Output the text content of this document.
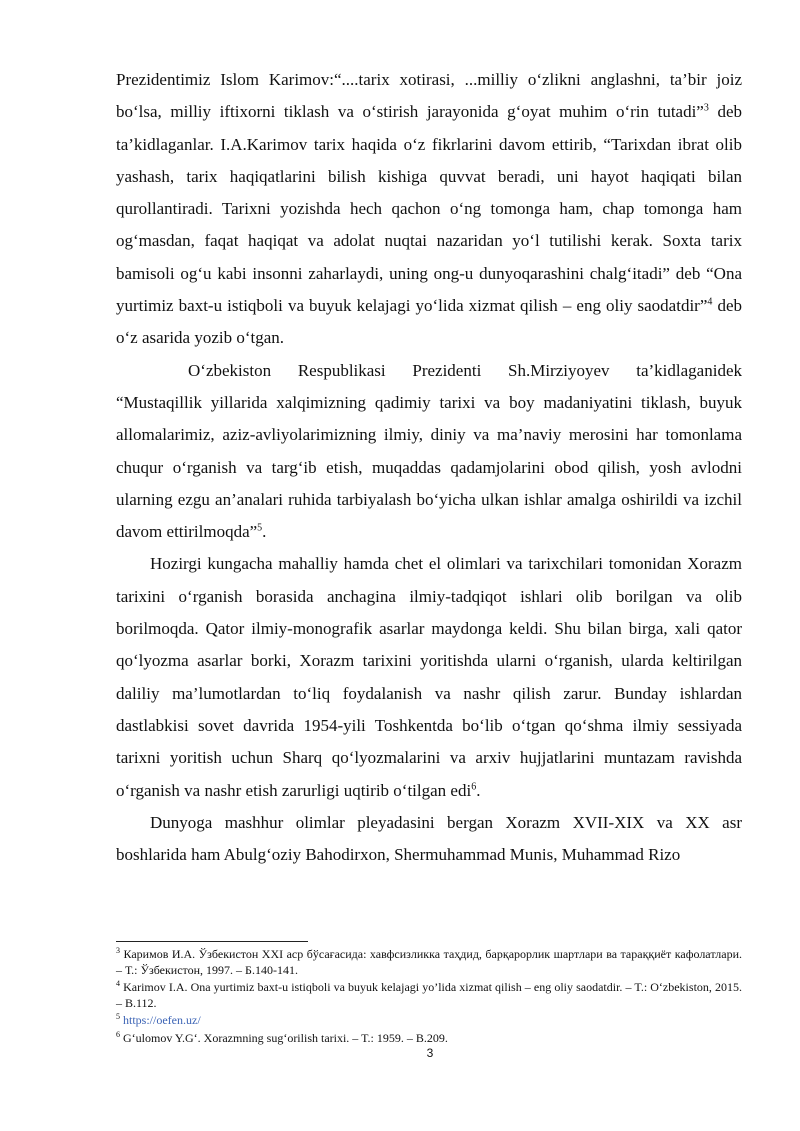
Prezidentimiz Islom Karimov:“....tarix xotirasi, ...milliy o‘zlikni anglashni, ta’bir joiz bo‘lsa, milliy iftixorni tiklash va o‘stirish jarayonida g‘oyat muhim o‘rin tutadi”$^3$ deb ta’kidlaganlar. I.A.Karimov tarix haqida o‘z fikrlarini davom ettirib, “Tarixdan ibrat olib yashash, tarix haqiqatlarini bilish kishiga quvvat beradi, uni hayot haqiqati bilan qurollantiradi. Tarixni yozishda hech qachon o‘ng tomonga ham, chap tomonga ham og‘masdan, faqat haqiqat va adolat nuqtai nazaridan yo‘l tutilishi kerak. Soxta tarix bamisoli og‘u kabi insonni zaharlaydi, uning ong-u dunyoqarashini chalg‘itadi” deb “Ona yurtimiz baxt-u istiqboli va buyuk kelajagi yo‘lida xizmat qilish – eng oliy saodatdir”$^4$ deb o‘z asarida yozib o‘tgan.

O‘zbekiston Respublikasi Prezidenti Sh.Mirziyoyev ta’kidlaganidek “Mustaqillik yillarida xalqimizning qadimiy tarixi va boy madaniyatini tiklash, buyuk allomalarimiz, aziz-avliyolarimizning ilmiy, diniy va ma’naviy merosini har tomonlama chuqur o‘rganish va targ‘ib etish, muqaddas qadamjolarini obod qilish, yosh avlodni ularning ezgu an’analari ruhida tarbiyalash bo‘yicha ulkan ishlar amalga oshirildi va izchil davom ettirilmoqda”$^5$.

Hozirgi kungacha mahalliy hamda chet el olimlari va tarixchilari tomonidan Xorazm tarixini o‘rganish borasida anchagina ilmiy-tadqiqot ishlari olib borilgan va olib borilmoqda. Qator ilmiy-monografik asarlar maydonga keldi. Shu bilan birga, xali qator qo‘lyozma asarlar borki, Xorazm tarixini yoritishda ularni o‘rganish, ularda keltirilgan daliliy ma’lumotlardan to‘liq foydalanish va nashr qilish zarur. Bunday ishlardan dastlabkisi sovet davrida 1954-yili Toshkentda bo‘lib o‘tgan qo‘shma ilmiy sessiyada tarixni yoritish uchun Sharq qo‘lyozmalarini va arxiv hujjatlarini muntazam ravishda o‘rganish va nashr etish zarurligi uqtirib o‘tilgan edi$^6$.

Dunyoga mashhur olimlar pleyadasini bergan Xorazm XVII-XIX va XX asr boshlarida ham Abulg‘oziy Bahodirxon, Shermuhammad Munis, Muhammad Rizo

$^3$ Каримов И.А. Ўзбекистон XXI аср бўсағасида: хавфсизликка таҳдид, барқарорлик шартлари ва тараққиёт кафолатлари. – Т.: Ўзбекистон, 1997. – Б.140-141.

$^4$ Karimov I.A. Ona yurtimiz baxt-u istiqboli va buyuk kelajagi yo’lida xizmat qilish – eng oliy saodatdir. – T.: O‘zbekiston, 2015. – B.112.

$^5$ https://oefen.uz/

$^6$ G‘ulomov Y.G‘. Xorazmning sug‘orilish tarixi. – T.: 1959. – B.209.

3
